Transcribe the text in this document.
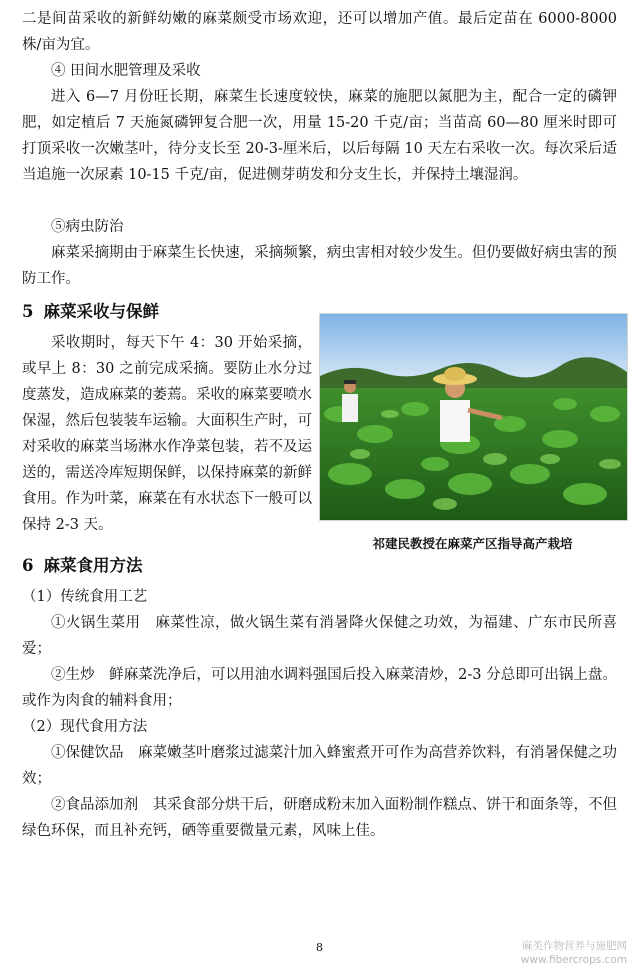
二是间苗采收的新鲜幼嫩的麻菜颇受市场欢迎，还可以增加产值。最后定苗在 6000-8000 株/亩为宜。

④ 田间水肥管理及采收

进入 6—7 月份旺长期，麻菜生长速度较快，麻菜的施肥以氮肥为主，配合一定的磷钾肥，如定植后 7 天施氮磷钾复合肥一次，用量 15-20 千克/亩；当苗高 60—80 厘米时即可打顶采收一次嫩茎叶，待分支长至 20-3-厘米后，以后每隔 10 天左右采收一次。每次采后适当追施一次尿素 10-15 千克/亩，促进侧芽萌发和分支生长，并保持土壤湿润。

⑤病虫防治

麻菜采摘期由于麻菜生长快速，采摘频繁，病虫害相对较少发生。但仍要做好病虫害的预防工作。

5 麻菜采收与保鲜

采收期时，每天下午 4：30 开始采摘，或早上 8：30 之前完成采摘。要防止水分过度蒸发，造成麻菜的萎蔫。采收的麻菜要喷水保湿，然后包装装车运输。大面积生产时，可对采收的麻菜当场淋水作净菜包装，若不及运送的，需送冷库短期保鲜，以保持麻菜的新鲜食用。作为叶菜，麻菜在有水状态下一般可以保持 2-3 天。

祁建民教授在麻菜产区指导高产栽培
6 麻菜食用方法

（1）传统食用工艺

①火锅生菜用　麻菜性凉，做火锅生菜有消暑降火保健之功效，为福建、广东市民所喜爱；

②生炒　鲜麻菜洗净后，可以用油水调料强国后投入麻菜清炒，2-3 分总即可出锅上盘。或作为肉食的辅料食用；

（2）现代食用方法

①保健饮品　麻菜嫩茎叶磨浆过滤菜汁加入蜂蜜煮开可作为高营养饮料，有消暑保健之功效；

②食品添加剂　其采食部分烘干后，研磨成粉末加入面粉制作糕点、饼干和面条等，不但绿色环保，而且补充钙，硒等重要微量元素，风味上佳。

8	麻类作物营养与施肥网
www.fibercrops.com
